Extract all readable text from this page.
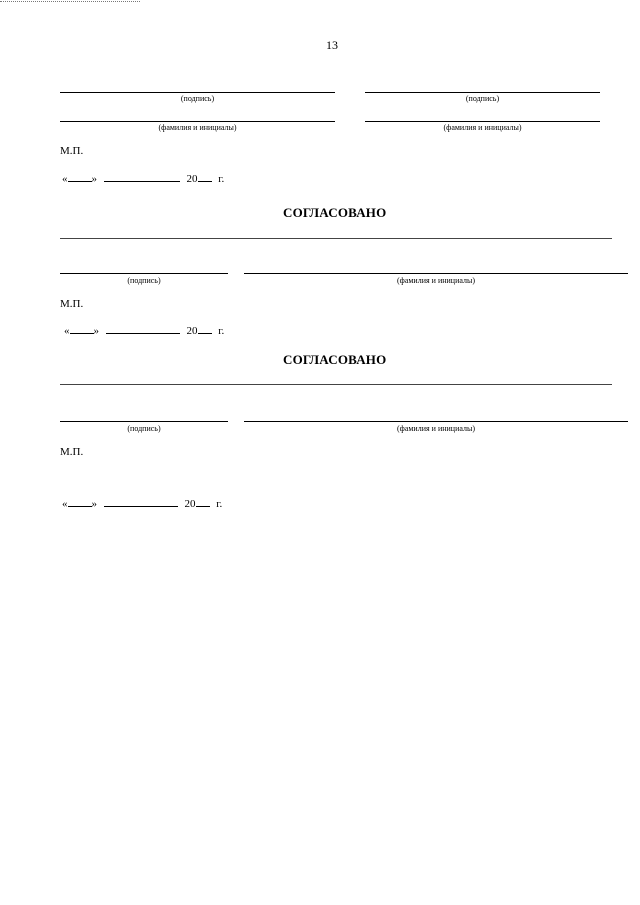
13
(подпись)	(подпись)
(фамилия и инициалы)	(фамилия и инициалы)
М.П.
« »	20 г.
СОГЛАСОВАНО
(подпись)	(фамилия и инициалы)
М.П.
« »	20 г.
СОГЛАСОВАНО
(подпись)	(фамилия и инициалы)
М.П.
« »	20 г.
